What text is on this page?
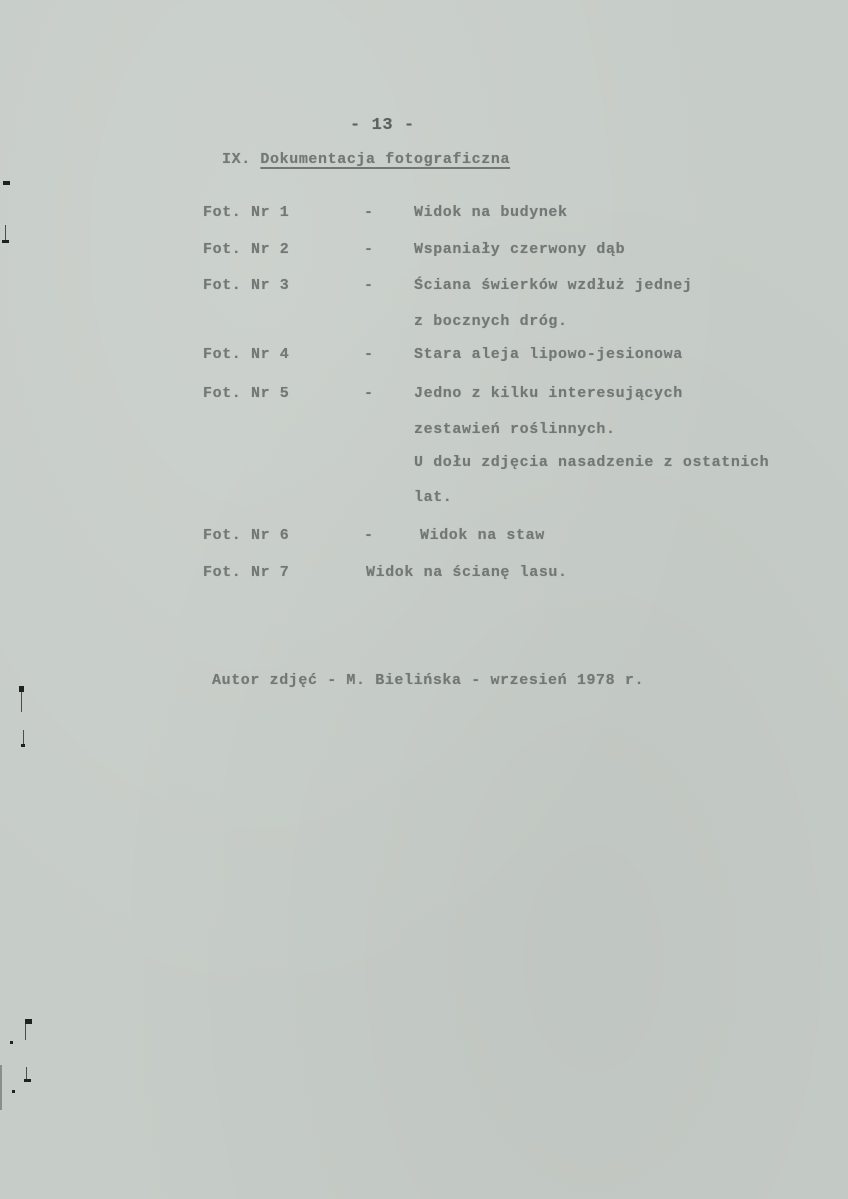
- 13 -
IX. Dokumentacja fotograficzna
Fot. Nr 1	-	Widok na budynek
Fot. Nr 2	-	Wspaniały czerwony dąb
Fot. Nr 3	-	Ściana świerków wzdłuż jednej
z bocznych dróg.
Fot. Nr 4	-	Stara aleja lipowo-jesionowa
Fot. Nr 5	-	Jedno z kilku interesujących
zestawień roślinnych.
U dołu zdjęcia nasadzenie z ostatnich
lat.
Fot. Nr 6	-	Widok na staw
Fot. Nr 7	Widok na ścianę lasu.
Autor zdjęć - M. Bielińska - wrzesień 1978 r.
